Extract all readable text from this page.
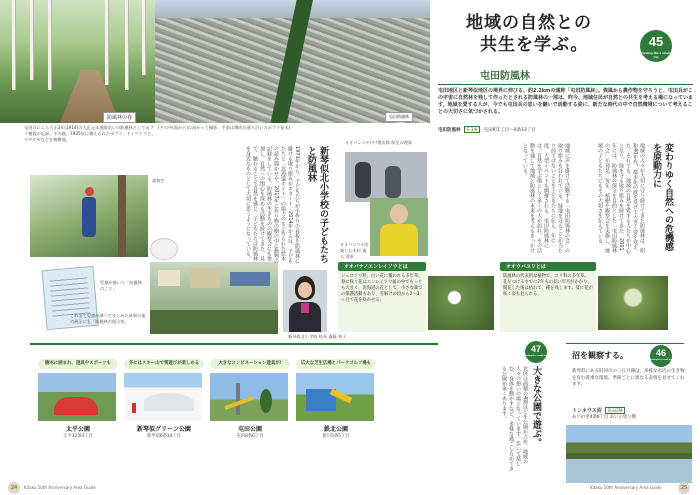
防風林の春
屯田兵による大正3年(1914)の大正元年道路沿いの防風林としてポプラ植栽が記録。その後、1935年に植えられたポプラ、ドイツトウヒ、ヤチダモなどを植樹地。
屯田防風林
(その中(黒から)に向かって撮影、手前は創成川通り沿いのポプラ並木)
地域の自然との
共生を学ぶ。	45
Feeling like a small trip
屯田防風林
屯田地区と新琴似地区の境界に伸びる、約2.2kmの通称「屯田防風林」。強風から農作物を守ろうと、屯田兵がこの宇宙に自然林を残して作ったとされる防風林の一部は、昨今、地域住民が自然との共生を考える場になっています。地域を愛する人が、今でも屯田兵の思いを継いで活動する姿に、新たな時代の中で自然環境について考えることの大切さに気づかされる。
屯田防風林 E-3/8 屯田町1丁目〜9条13丁目
高校生
児童が描いた「防風林のこと」
これまで児童が調べてまとめた成果の他の展示にも「防風林の展示室」
新琴似北小学校 校長 斎藤 智子
新琴似北小学校の子どもたちと防風林
1973年から、子どもたちが手作りの看板を防風林に掛ける取り組みがスタート。2014年からは、子どもたちと「北海道ホイト」の協力のもと作られた絵本の読み聞かせや、2017年に作り物の樹の中に動物の記録をしている。防風林の生きものの観察会にも参加し、自然への関心を深める活動を続けてきた。見て、触れることで自然を感じ、子どもたちは防風林を身近なものとして大切に思うようになっている。
オオバンコや/ヤ!理次郎 保全の理事
オオバンコのを楽しむ木村 義人 理事
地域に声を掛けて活動する「屯田防風林の会」の取り組みも行われている。緑地を守ることが当たり前ではないことを子どもたちに伝え、年に一度、大型イベントも開催される。屯田防風林には、自然を学ぶ場として多くの人が訪れ、その活動を通して地域と防風林の未来を考えるきっかけとなっている。
オオバナノエンレイソウとは
シュロソウ科、白い花に覆われる多年草。春に咲く花はエンレイソウ属の中でもっとも大きく、北海道の花として、小さな森での保護活動もあり、雪解けの頃から2〜3ヶ月で花を咲かせる。
オオウバユリとは
防風林の代表的な植物で、ユリ科の多年草。花をつけるまでに7年もの長い年月がかかり、開花した後は枯れて、種を残します。夏に花が咲く姿も見られる。
変わりゆく自然への危機感を原動力に
地域の人々が大切に守り続けてきた防風林は、昭和40年代、都市化の波を受けて大きく姿を変えた。それでも、地域の自然を愛する人たちが中心となり、緑を守る取り組みを続けてきた。2001年には、防風林の保全を目的とした「屯田防風林の会」が発足。毎年、植樹や観察会を実施し、地域の子どもたちにもその大切さを伝えている。
樹木に囲まれ、遊具やスポーツも
太平公園
太平12条3丁目
冬にはスキー山で雪遊びが楽しめる
新琴似グリーン公園
新琴似6条14丁目
大きなコンビネーション遊具が!
屯田公園
屯田8条6丁目
広大な芝生広場とパークゴルフ場も
鉄北公園
新川5条5丁目
47
Feeling like a small trip
大きな公園で遊ぶ。
北区は面積の4割ほどを公園が占め、地域の人々の憩いの場となっています。歩いて楽しむ、身体を動かすなど、多様な過ごし方ができる公園が多くあります。
沼を観察する。	46
Feeling like a small trip
新琴似にある旧河川の三日月湖は、多様な水辺の生き物を育む貴重な環境。季節ごとに異なる表情を見せてくれます。
トンネウス沼 B-3/2M
あいの里4条6丁目 あいの里公園
24	Kitaku 50th Anniversary Area Guide	Kitaku 50th Anniversary Area Guide	25
